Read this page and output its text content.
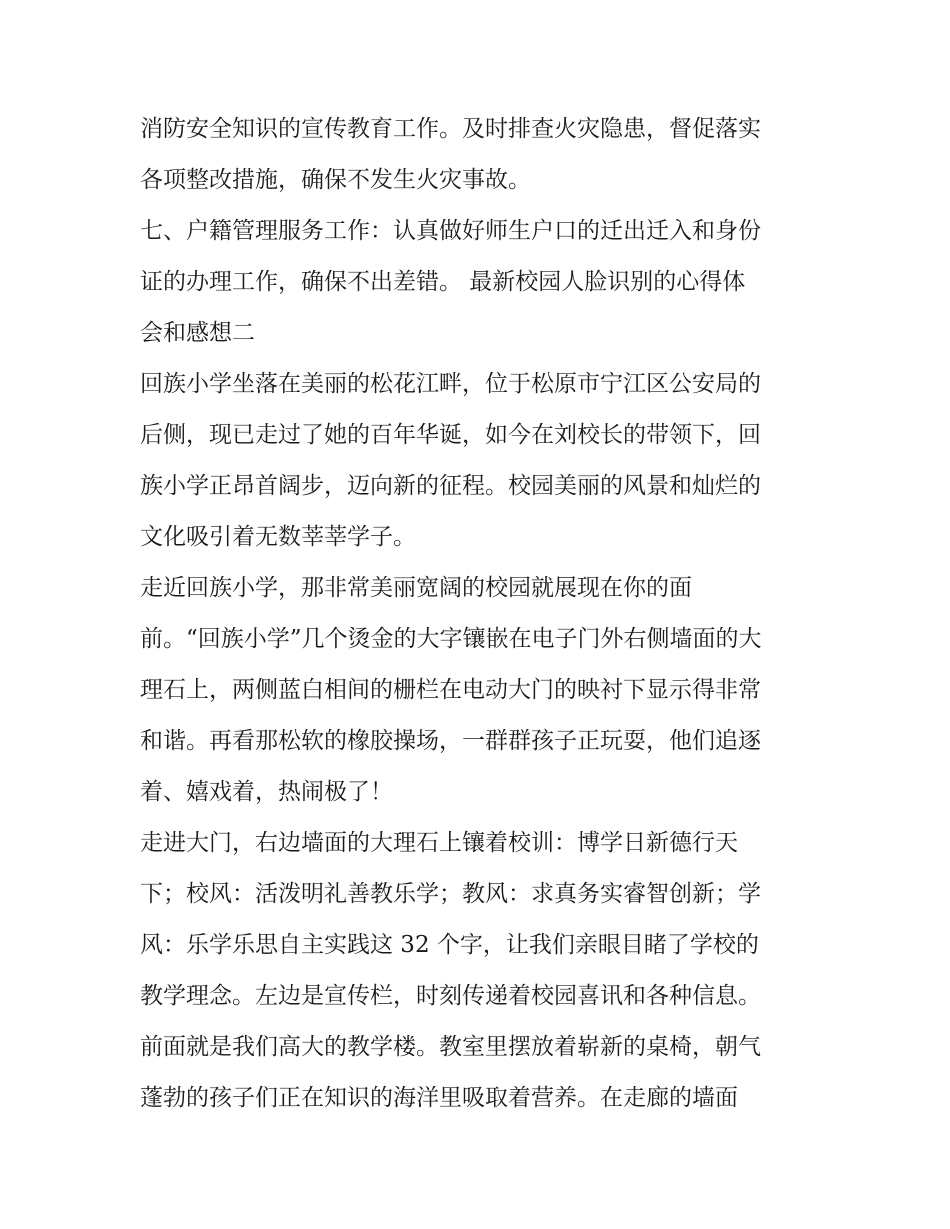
消防安全知识的宣传教育工作。及时排查火灾隐患，督促落实
各项整改措施，确保不发生火灾事故。
七、户籍管理服务工作：认真做好师生户口的迁出迁入和身份
证的办理工作，确保不出差错。 最新校园人脸识别的心得体
会和感想二
回族小学坐落在美丽的松花江畔，位于松原市宁江区公安局的
后侧，现已走过了她的百年华诞，如今在刘校长的带领下，回
族小学正昂首阔步，迈向新的征程。校园美丽的风景和灿烂的
文化吸引着无数莘莘学子。
走近回族小学，那非常美丽宽阔的校园就展现在你的面
前。“回族小学”几个烫金的大字镶嵌在电子门外右侧墙面的大
理石上，两侧蓝白相间的栅栏在电动大门的映衬下显示得非常
和谐。再看那松软的橡胶操场，一群群孩子正玩耍，他们追逐
着、嬉戏着，热闹极了！
走进大门，右边墙面的大理石上镶着校训：博学日新德行天
下；校风：活泼明礼善教乐学；教风：求真务实睿智创新；学
风：乐学乐思自主实践这 32 个字，让我们亲眼目睹了学校的
教学理念。左边是宣传栏，时刻传递着校园喜讯和各种信息。
前面就是我们高大的教学楼。教室里摆放着崭新的桌椅，朝气
蓬勃的孩子们正在知识的海洋里吸取着营养。在走廊的墙面
